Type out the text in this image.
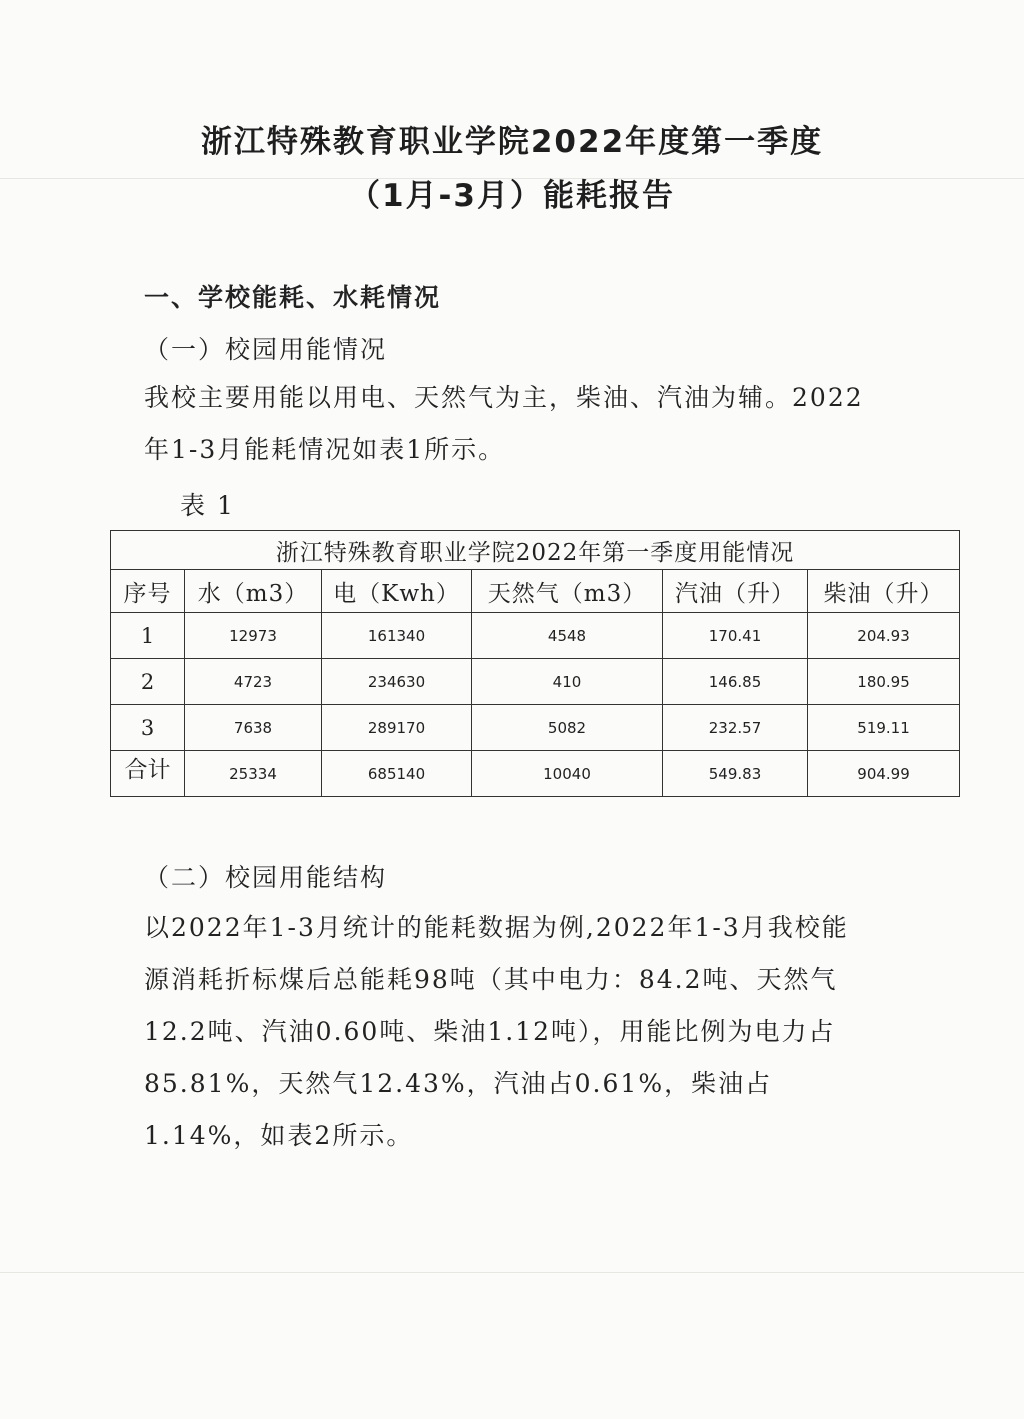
浙江特殊教育职业学院2022年度第一季度
（1月-3月）能耗报告
一、学校能耗、水耗情况
（一）校园用能情况

我校主要用能以用电、天然气为主，柴油、汽油为辅。2022年1-3月能耗情况如表1所示。

表 1
浙江特殊教育职业学院2022年第一季度用能情况					
序号	水（m3）	电（Kwh）	天然气（m3）	汽油（升）	柴油（升）
1	12973	161340	4548	170.41	204.93
2	4723	234630	410	146.85	180.95
3	7638	289170	5082	232.57	519.11
合计	25334	685140	10040	549.83	904.99
（二）校园用能结构

以2022年1-3月统计的能耗数据为例,2022年1-3月我校能源消耗折标煤后总能耗98吨（其中电力：84.2吨、天然气12.2吨、汽油0.60吨、柴油1.12吨），用能比例为电力占85.81%，天然气12.43%，汽油占0.61%，柴油占1.14%，如表2所示。
